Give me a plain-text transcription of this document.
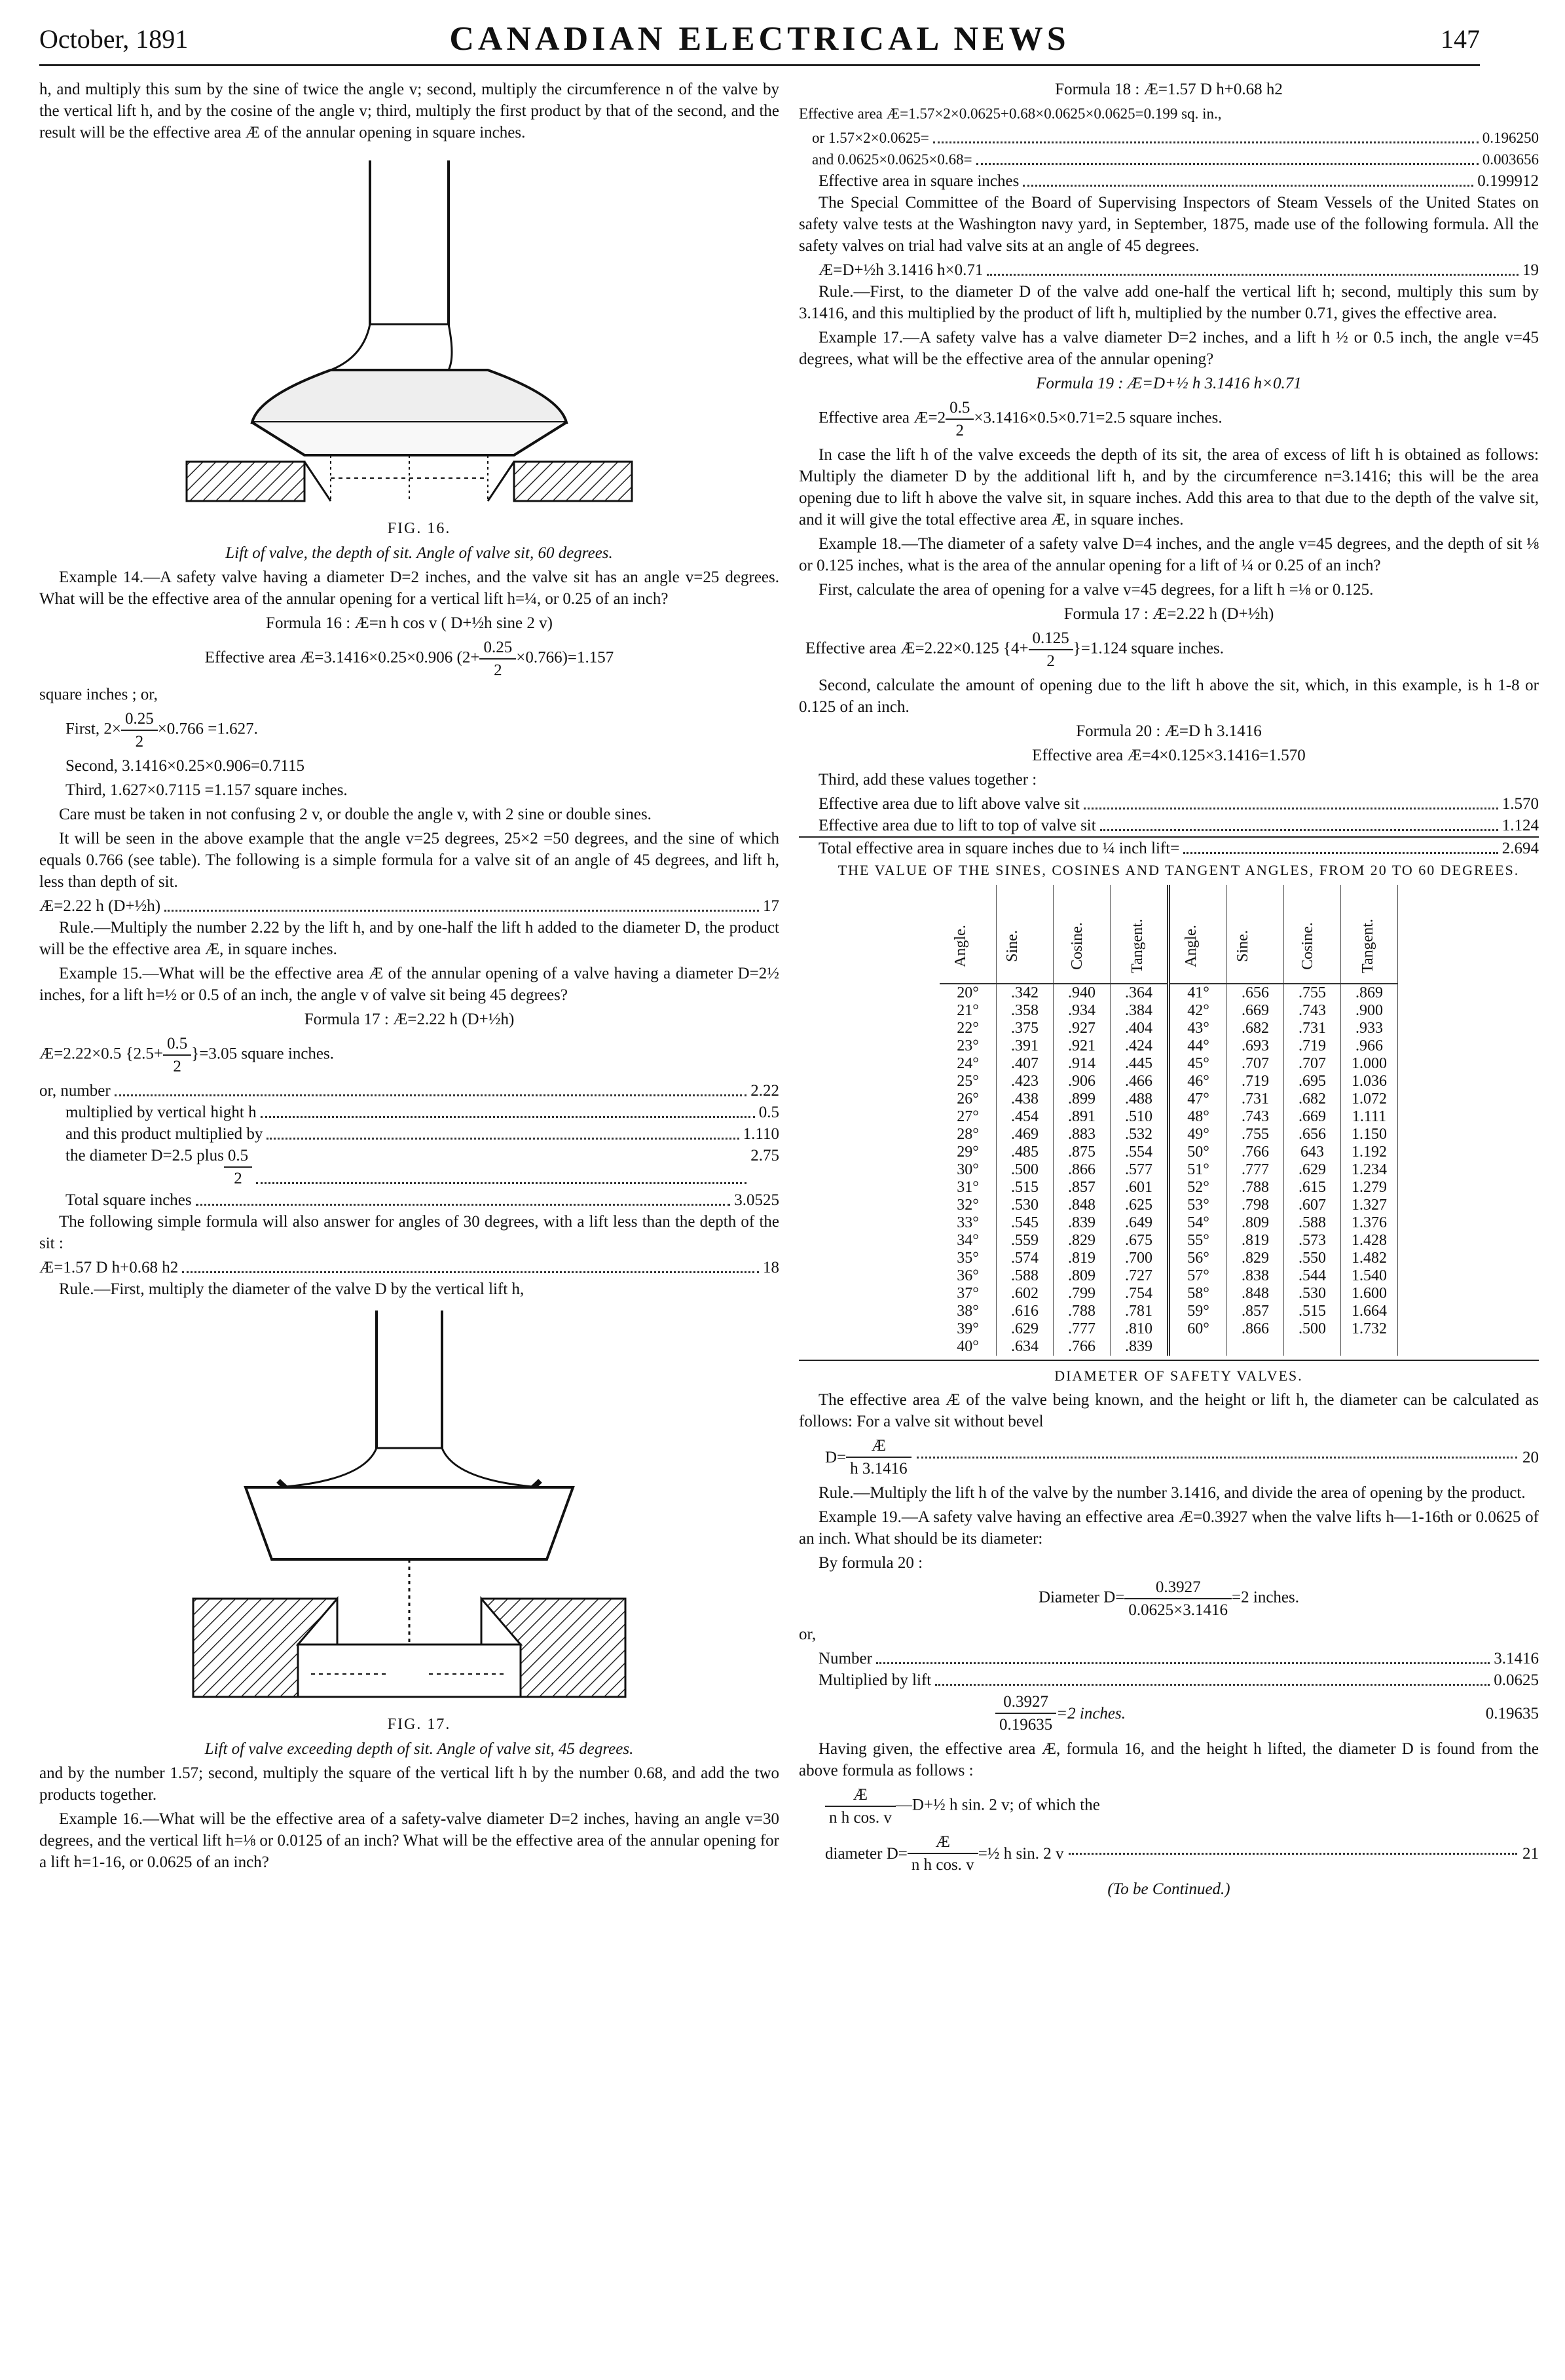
October, 1891	CANADIAN ELECTRICAL NEWS	147

h, and multiply this sum by the sine of twice the angle v; second, multiply the circumference n of the valve by the vertical lift h, and by the cosine of the angle v; third, multiply the first product by that of the second, and the result will be the effective area Æ of the annular opening in square inches.

FIG. 16.

Lift of valve, the depth of sit. Angle of valve sit, 60 degrees.

Example 14.—A safety valve having a diameter D=2 inches, and the valve sit has an angle v=25 degrees. What will be the effective area of the annular opening for a vertical lift h=¼, or 0.25 of an inch?

Formula 16 : Æ=n h cos v ( D+½h sine 2 v)

Effective area Æ=3.1416×0.25×0.906 $(2+ \frac{0.25}{2} \times 0.766)=1.157$

square inches ; or,

First, $2\times \frac{0.25}{2} \times 0.766 =1.627$.

Second, 3.1416×0.25×0.906=0.7115

Third, 1.627×0.7115 =1.157 square inches.

Care must be taken in not confusing 2 v, or double the angle v, with 2 sine or double sines.

It will be seen in the above example that the angle v=25 degrees, 25×2 =50 degrees, and the sine of which equals 0.766 (see table). The following is a simple formula for a valve sit of an angle of 45 degrees, and lift h, less than depth of sit.

Æ=2.22 h (D+½h)	17

Rule.—Multiply the number 2.22 by the lift h, and by one-half the lift h added to the diameter D, the product will be the effective area Æ, in square inches.

Example 15.—What will be the effective area Æ of the annular opening of a valve having a diameter D=2½ inches, for a lift h=½ or 0.5 of an inch, the angle v of valve sit being 45 degrees?

Formula 17 : Æ=2.22 h (D+½h)

Æ=2.22×0.5 $\{2.5+ \frac{0.5}{2} \}=3.05$ square inches.

or, number	2.22
multiplied by vertical hight h	0.5
and this product multiplied by	1.110
the diameter D=2.5 plus $\frac{0.5}{2}$	2.75
Total square inches	3.0525

The following simple formula will also answer for angles of 30 degrees, with a lift less than the depth of the sit :

Æ=1.57 D h+0.68 h2	18

Rule.—First, multiply the diameter of the valve D by the vertical lift h,

FIG. 17.

Lift of valve exceeding depth of sit. Angle of valve sit, 45 degrees.

and by the number 1.57; second, multiply the square of the vertical lift h by the number 0.68, and add the two products together.

Example 16.—What will be the effective area of a safety-valve diameter D=2 inches, having an angle v=30 degrees, and the vertical lift h=⅛ or 0.0125 of an inch? What will be the effective area of the annular opening for a lift h=1-16, or 0.0625 of an inch?

Formula 18 : Æ=1.57 D h+0.68 h2

Effective area Æ=1.57×2×0.0625+0.68×0.0625×0.0625=0.199 sq. in.,

or 1.57×2×0.0625=	0.196250
and 0.0625×0.0625×0.68=	0.003656
Effective area in square inches	0.199912

The Special Committee of the Board of Supervising Inspectors of Steam Vessels of the United States on safety valve tests at the Washington navy yard, in September, 1875, made use of the following formula. All the safety valves on trial had valve sits at an angle of 45 degrees.

Æ=D+½h 3.1416 h×0.71	19

Rule.—First, to the diameter D of the valve add one-half the vertical lift h; second, multiply this sum by 3.1416, and this multiplied by the product of lift h, multiplied by the number 0.71, gives the effective area.

Example 17.—A safety valve has a valve diameter D=2 inches, and a lift h ½ or 0.5 inch, the angle v=45 degrees, what will be the effective area of the annular opening?

Formula 19 : Æ=D+½ h 3.1416 h×0.71

Effective area Æ=2 $\frac{0.5}{2} \times 3.1416\times 0.5\times 0.71=2.5$ square inches.

In case the lift h of the valve exceeds the depth of its sit, the area of excess of lift h is obtained as follows: Multiply the diameter D by the additional lift h, and by the circumference n=3.1416; this will be the area opening due to lift h above the valve sit, in square inches. Add this area to that due to the depth of the valve sit, and it will give the total effective area Æ, in square inches.

Example 18.—The diameter of a safety valve D=4 inches, and the angle v=45 degrees, and the depth of sit ⅛ or 0.125 inches, what is the area of the annular opening for a lift of ¼ or 0.25 of an inch?

First, calculate the area of opening for a valve v=45 degrees, for a lift h =⅛ or 0.125.

Formula 17 : Æ=2.22 h (D+½h)

Effective area Æ=2.22×0.125 $\{4+ \frac{0.125}{2} \}=1.124$ square inches.

Second, calculate the amount of opening due to the lift h above the sit, which, in this example, is h 1-8 or 0.125 of an inch.

Formula 20 : Æ=D h 3.1416

Effective area Æ=4×0.125×3.1416=1.570

Third, add these values together :

Effective area due to lift above valve sit	1.570
Effective area due to lift to top of valve sit	1.124
Total effective area in square inches due to ¼ inch lift=	2.694

THE VALUE OF THE SINES, COSINES AND TANGENT ANGLES, FROM 20 TO 60 DEGREES.

Angle.	Sine.	Cosine.	Tangent.	Angle.	Sine.	Cosine.	Tangent.
20°	.342	.940	.364	41°	.656	.755	.869
21°	.358	.934	.384	42°	.669	.743	.900
22°	.375	.927	.404	43°	.682	.731	.933
23°	.391	.921	.424	44°	.693	.719	.966
24°	.407	.914	.445	45°	.707	.707	1.000
25°	.423	.906	.466	46°	.719	.695	1.036
26°	.438	.899	.488	47°	.731	.682	1.072
27°	.454	.891	.510	48°	.743	.669	1.111
28°	.469	.883	.532	49°	.755	.656	1.150
29°	.485	.875	.554	50°	.766	643	1.192
30°	.500	.866	.577	51°	.777	.629	1.234
31°	.515	.857	.601	52°	.788	.615	1.279
32°	.530	.848	.625	53°	.798	.607	1.327
33°	.545	.839	.649	54°	.809	.588	1.376
34°	.559	.829	.675	55°	.819	.573	1.428
35°	.574	.819	.700	56°	.829	.550	1.482
36°	.588	.809	.727	57°	.838	.544	1.540
37°	.602	.799	.754	58°	.848	.530	1.600
38°	.616	.788	.781	59°	.857	.515	1.664
39°	.629	.777	.810	60°	.866	.500	1.732
40°	.634	.766	.839				

DIAMETER OF SAFETY VALVES.

The effective area Æ of the valve being known, and the height or lift h, the diameter can be calculated as follows: For a valve sit without bevel

$D= \frac{Æ}{h 3.1416}$	20

Rule.—Multiply the lift h of the valve by the number 3.1416, and divide the area of opening by the product.

Example 19.—A safety valve having an effective area Æ=0.3927 when the valve lifts h—1-16th or 0.0625 of an inch. What should be its diameter:

By formula 20 :

Diameter $D= \frac{0.3927}{0.0625\times 3.1416} =2$ inches.

or,

Number	3.1416
Multiplied by lift	0.0625

$\frac{0.3927}{0.19635} =2$ inches.	0.19635

Having given, the effective area Æ, formula 16, and the height h lifted, the diameter D is found from the above formula as follows :

$\frac{Æ}{\text{n h cos. v}}$ —D+½ h sin. 2 v; of which the

diameter $D= \frac{Æ}{\text{n h cos. v}}$ =½ h sin. 2 v	21

(To be Continued.)
